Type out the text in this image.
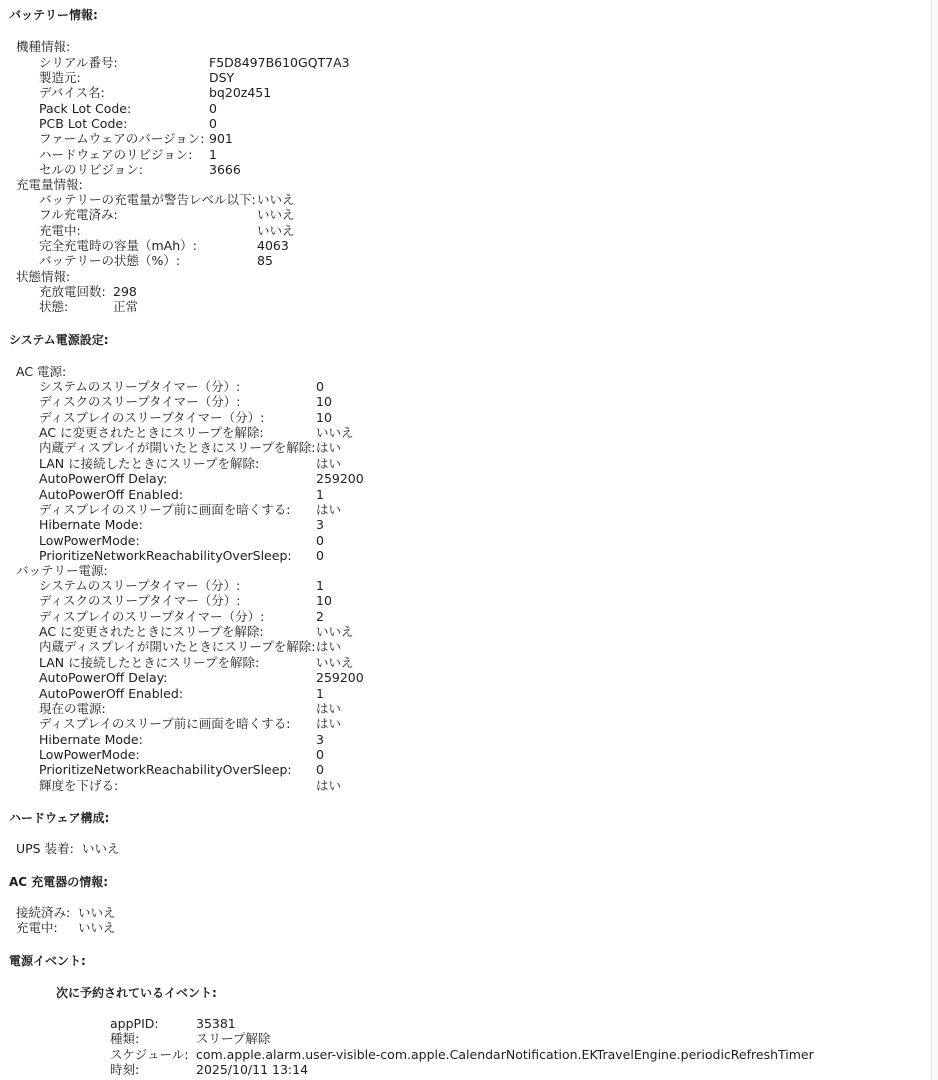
バッテリー情報:
機種情報:
シリアル番号:	F5D8497B610GQT7A3
製造元:	DSY
デバイス名:	bq20z451
Pack Lot Code:	0
PCB Lot Code:	0
ファームウェアのバージョン: 901
ハードウェアのリビジョン: 1
セルのリビジョン:	3666
充電量情報:
バッテリーの充電量が警告レベル以下: いいえ
フル充電済み:	いいえ
充電中:	いいえ
完全充電時の容量（mAh）:	4063
バッテリーの状態（%）:	85
状態情報:
充放電回数: 298
状態:	正常
システム電源設定:
AC 電源:
システムのスリープタイマー（分）:	0
ディスクのスリープタイマー（分）:	10
ディスプレイのスリープタイマー（分）:	10
AC に変更されたときにスリープを解除:	いいえ
内蔵ディスプレイが開いたときにスリープを解除: はい
LAN に接続したときにスリープを解除:	はい
AutoPowerOff Delay:	259200
AutoPowerOff Enabled:	1
ディスプレイのスリープ前に画面を暗くする: はい
Hibernate Mode:	3
LowPowerMode:	0
PrioritizeNetworkReachabilityOverSleep: 0
バッテリー電源:
システムのスリープタイマー（分）:	1
ディスクのスリープタイマー（分）:	10
ディスプレイのスリープタイマー（分）:	2
AC に変更されたときにスリープを解除:	いいえ
内蔵ディスプレイが開いたときにスリープを解除: はい
LAN に接続したときにスリープを解除:	いいえ
AutoPowerOff Delay:	259200
AutoPowerOff Enabled:	1
現在の電源:	はい
ディスプレイのスリープ前に画面を暗くする: はい
Hibernate Mode:	3
LowPowerMode:	0
PrioritizeNetworkReachabilityOverSleep: 0
輝度を下げる:	はい
ハードウェア構成:
UPS 装着: いいえ
AC 充電器の情報:
接続済み: いいえ
充電中: いいえ
電源イベント:
次に予約されているイベント:
appPID:	35381
種類:	スリープ解除
スケジュール: com.apple.alarm.user-visible-com.apple.CalendarNotification.EKTravelEngine.periodicRefreshTimer
時刻:	2025/10/11 13:14
